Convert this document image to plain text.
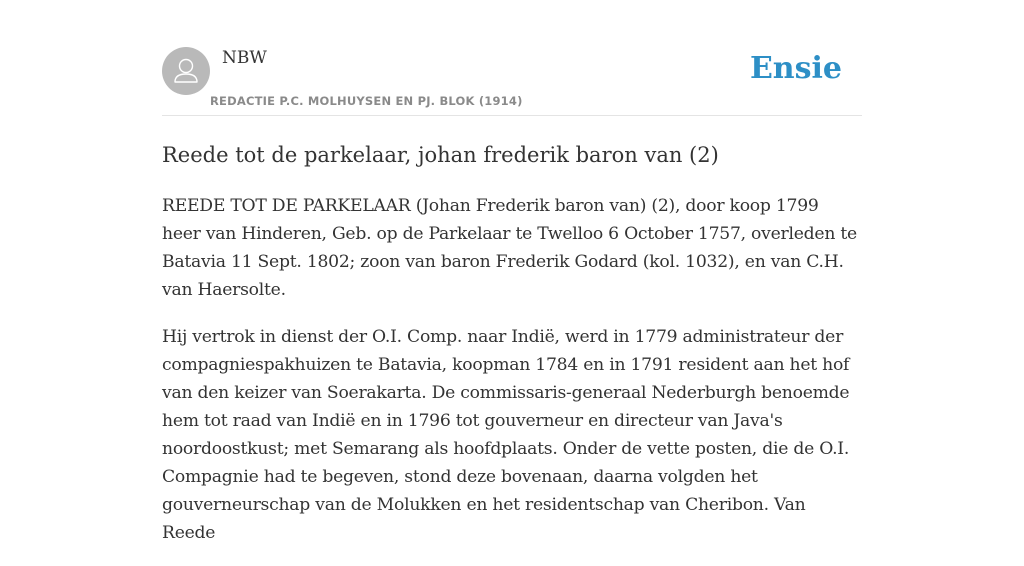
NBW
REDACTIE P.C. MOLHUYSEN EN PJ. BLOK (1914)
Ensie
Reede tot de parkelaar, johan frederik baron van (2)

REEDE TOT DE PARKELAAR (Johan Frederik baron van) (2), door koop 1799 heer van Hinderen, Geb. op de Parkelaar te Twelloo 6 October 1757, overleden te Batavia 11 Sept. 1802; zoon van baron Frederik Godard (kol. 1032), en van C.H. van Haersolte.

Hij vertrok in dienst der O.I. Comp. naar Indië, werd in 1779 administrateur der compagniespakhuizen te Batavia, koopman 1784 en in 1791 resident aan het hof van den keizer van Soerakarta. De commissaris-generaal Nederburgh benoemde hem tot raad van Indië en in 1796 tot gouverneur en directeur van Java's noordoostkust; met Semarang als hoofdplaats. Onder de vette posten, die de O.I. Compagnie had te begeven, stond deze bovenaan, daarna volgden het gouverneurschap van de Molukken en het residentschap van Cheribon. Van Reede
